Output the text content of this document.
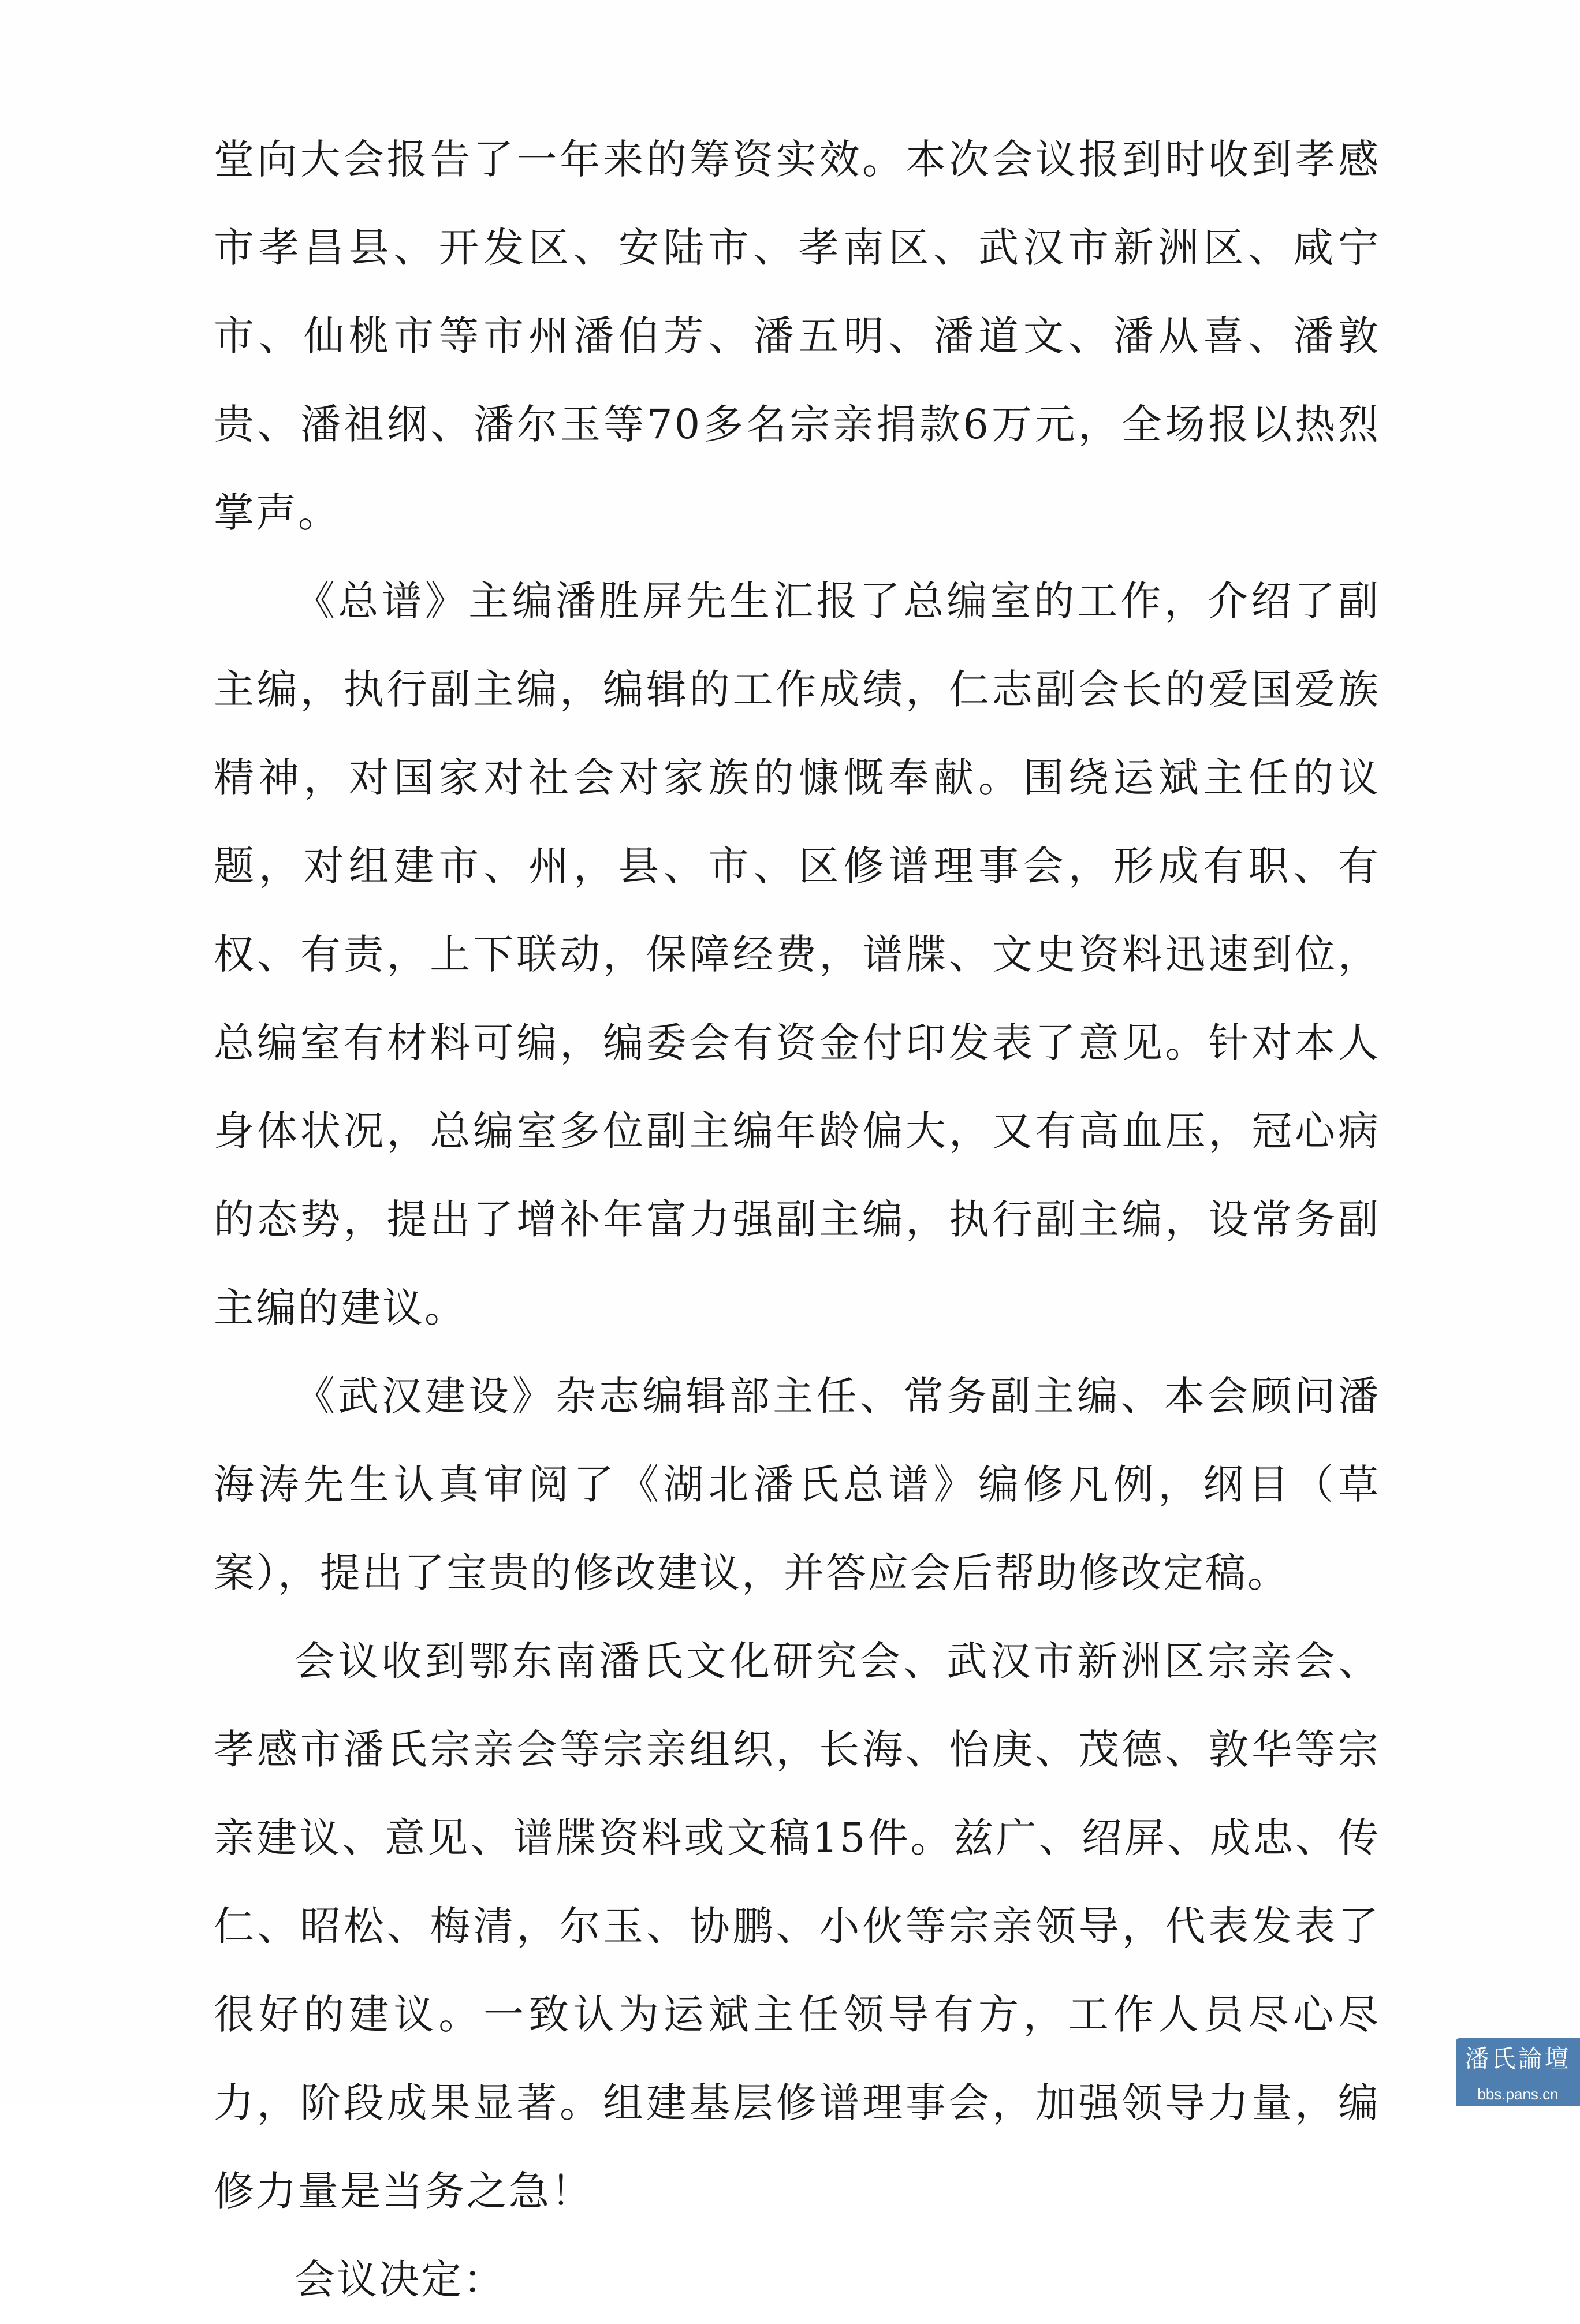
堂向大会报告了一年来的筹资实效。本次会议报到时收到孝感市孝昌县、开发区、安陆市、孝南区、武汉市新洲区、咸宁市、仙桃市等市州潘伯芳、潘五明、潘道文、潘从喜、潘敦贵、潘祖纲、潘尔玉等70多名宗亲捐款6万元，全场报以热烈掌声。

《总谱》主编潘胜屏先生汇报了总编室的工作，介绍了副主编，执行副主编，编辑的工作成绩，仁志副会长的爱国爱族精神，对国家对社会对家族的慷慨奉献。围绕运斌主任的议题，对组建市、州，县、市、区修谱理事会，形成有职、有权、有责，上下联动，保障经费，谱牒、文史资料迅速到位，总编室有材料可编，编委会有资金付印发表了意见。针对本人身体状况，总编室多位副主编年龄偏大，又有高血压，冠心病的态势，提出了增补年富力强副主编，执行副主编，设常务副主编的建议。

《武汉建设》杂志编辑部主任、常务副主编、本会顾问潘海涛先生认真审阅了《湖北潘氏总谱》编修凡例，纲目（草案），提出了宝贵的修改建议，并答应会后帮助修改定稿。

会议收到鄂东南潘氏文化研究会、武汉市新洲区宗亲会、孝感市潘氏宗亲会等宗亲组织，长海、怡庚、茂德、敦华等宗亲建议、意见、谱牒资料或文稿15件。兹广、绍屏、成忠、传仁、昭松、梅清，尔玉、协鹏、小伙等宗亲领导，代表发表了很好的建议。一致认为运斌主任领导有方，工作人员尽心尽力，阶段成果显著。组建基层修谱理事会，加强领导力量，编修力量是当务之急！

会议决定：

潘氏論壇
bbs.pans.cn
